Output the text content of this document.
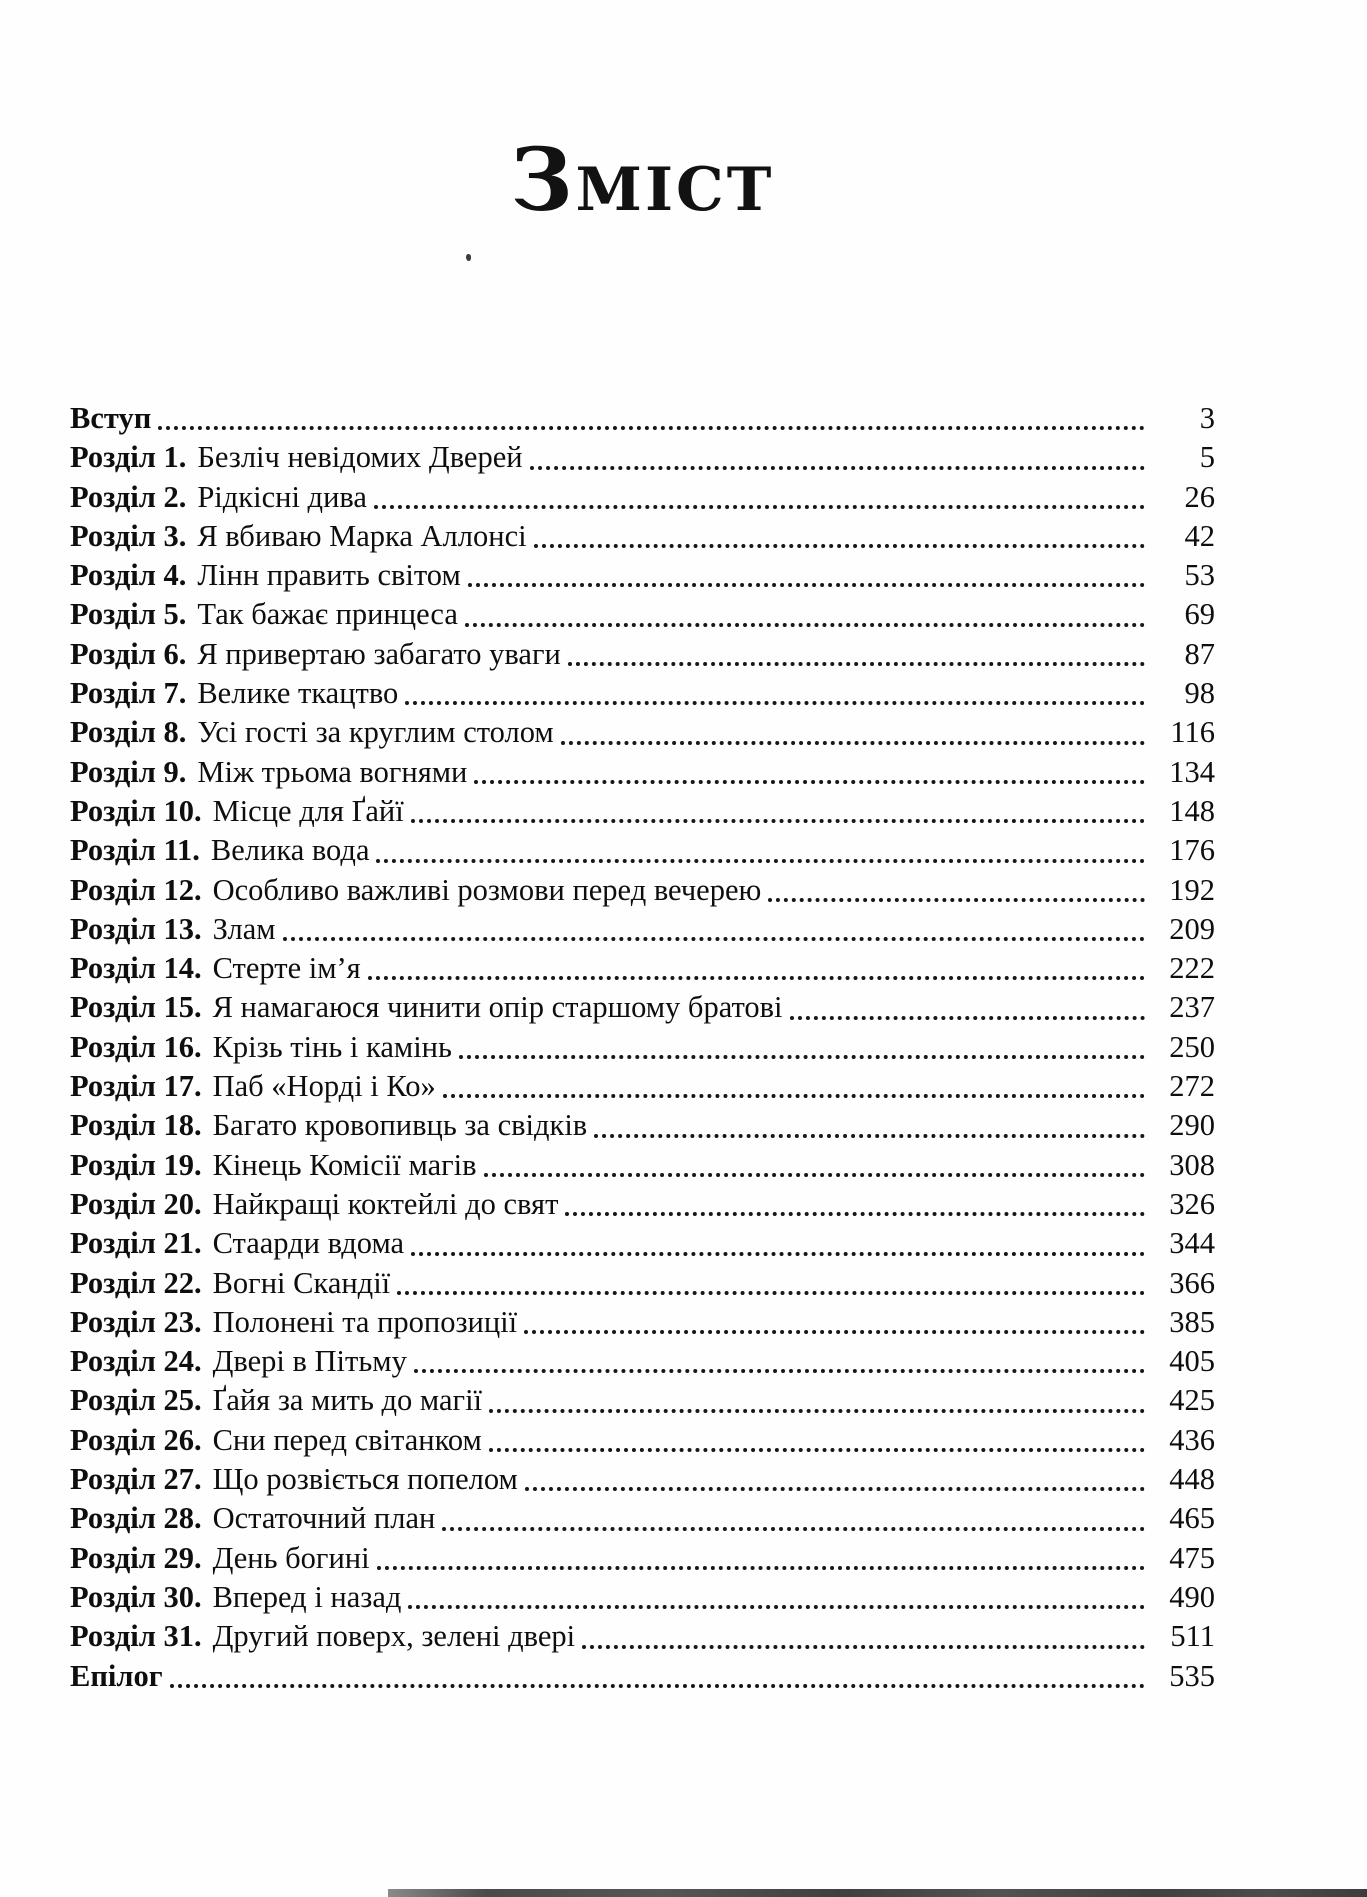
Зміст
Вступ	3
Розділ 1. Безліч невідомих Дверей	5
Розділ 2. Рідкісні дива	26
Розділ 3. Я вбиваю Марка Аллонсі	42
Розділ 4. Лінн править світом	53
Розділ 5. Так бажає принцеса	69
Розділ 6. Я привертаю забагато уваги	87
Розділ 7. Велике ткацтво	98
Розділ 8. Усі гості за круглим столом	116
Розділ 9. Між трьома вогнями	134
Розділ 10. Місце для Ґайї	148
Розділ 11. Велика вода	176
Розділ 12. Особливо важливі розмови перед вечерею	192
Розділ 13. Злам	209
Розділ 14. Стерте ім’я	222
Розділ 15. Я намагаюся чинити опір старшому братові	237
Розділ 16. Крізь тінь і камінь	250
Розділ 17. Паб «Норді і Ко»	272
Розділ 18. Багато кровопивць за свідків	290
Розділ 19. Кінець Комісії магів	308
Розділ 20. Найкращі коктейлі до свят	326
Розділ 21. Стаарди вдома	344
Розділ 22. Вогні Скандії	366
Розділ 23. Полонені та пропозиції	385
Розділ 24. Двері в Пітьму	405
Розділ 25. Ґайя за мить до магії	425
Розділ 26. Сни перед світанком	436
Розділ 27. Що розвіється попелом	448
Розділ 28. Остаточний план	465
Розділ 29. День богині	475
Розділ 30. Вперед і назад	490
Розділ 31. Другий поверх, зелені двері	511
Епілог	535
